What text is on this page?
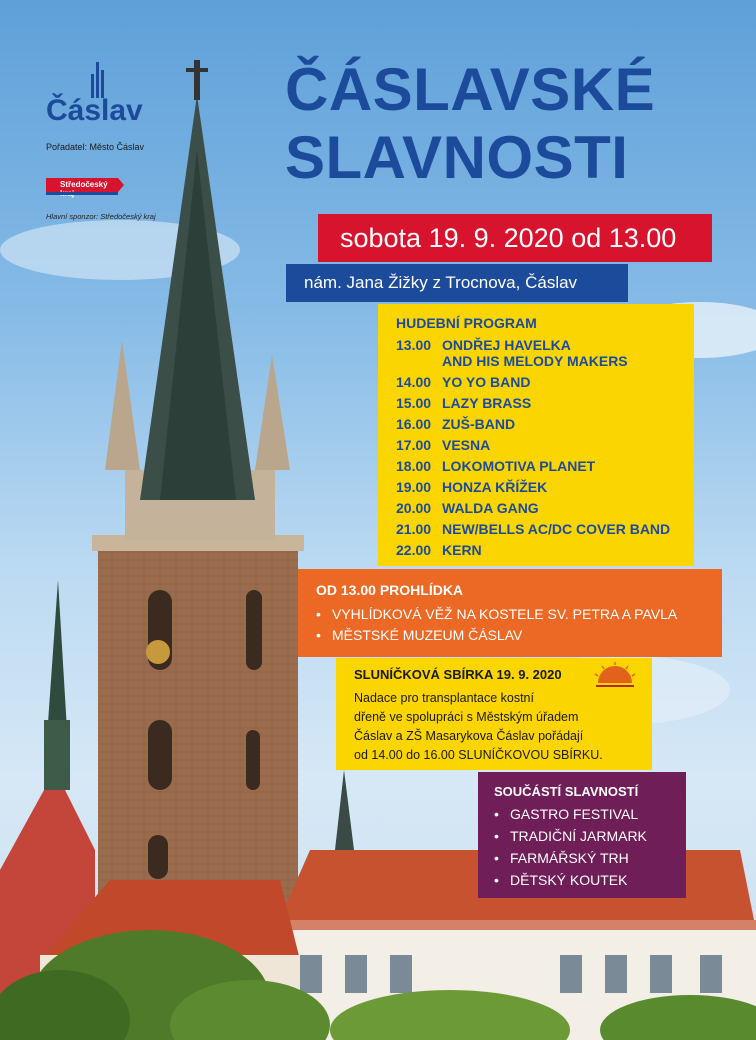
Čáslav
Pořadatel: Město Čáslav
Středočeský
Hlavní sponzor: Středočeský kraj
ČÁSLAVSKÉ
SLAVNOSTI
sobota 19. 9. 2020 od 13.00
nám. Jana Žižky z Trocnova, Čáslav
HUDEBNÍ PROGRAM
13.00 ONDŘEJ HAVELKA
AND HIS MELODY MAKERS
14.00 YO YO BAND
15.00 LAZY BRASS
16.00 ZUŠ-BAND
17.00 VESNA
18.00 LOKOMOTIVA PLANET
19.00 HONZA KŘÍŽEK
20.00 WALDA GANG
21.00 NEW/BELLS AC/DC COVER BAND
22.00 KERN
OD 13.00 PROHLÍDKA
• VYHLÍDKOVÁ VĚŽ NA KOSTELE SV. PETRA A PAVLA
• MĚSTSKÉ MUZEUM ČÁSLAV
SLUNÍČKOVÁ SBÍRKA 19. 9. 2020
Nadace pro transplantace kostní
dřeně ve spolupráci s Městským úřadem
Čáslav a ZŠ Masarykova Čáslav pořádají
od 14.00 do 16.00 SLUNÍČKOVOU SBÍRKU.
SOUČÁSTÍ SLAVNOSTÍ
• GASTRO FESTIVAL
• TRADIČNÍ JARMARK
• FARMÁŘSKÝ TRH
• DĚTSKÝ KOUTEK
